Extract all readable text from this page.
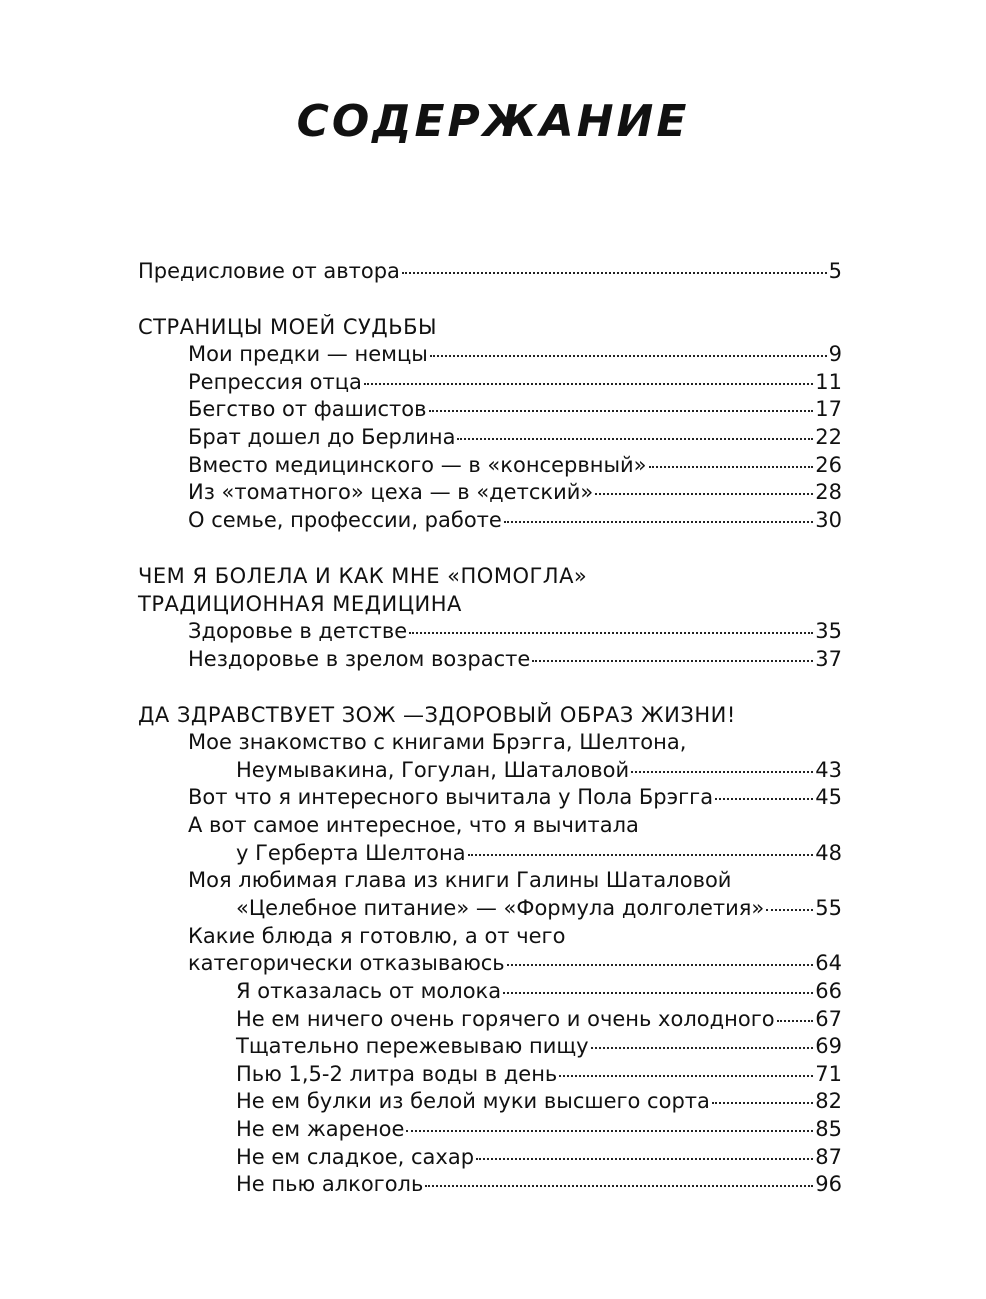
СОДЕРЖАНИЕ
Предисловие от автора	5
СТРАНИЦЫ МОЕЙ СУДЬБЫ
Мои предки — немцы	9
Репрессия отца	11
Бегство от фашистов	17
Брат дошел до Берлина	22
Вместо медицинского — в «консервный»	26
Из «томатного» цеха — в «детский»	28
О семье, профессии, работе	30
ЧЕМ Я БОЛЕЛА И КАК МНЕ «ПОМОГЛА»
ТРАДИЦИОННАЯ МЕДИЦИНА
Здоровье в детстве	35
Нездоровье в зрелом возрасте	37
ДА ЗДРАВСТВУЕТ ЗОЖ —ЗДОРОВЫЙ ОБРАЗ ЖИЗНИ!
Мое знакомство с книгами Брэгга, Шелтона,
Неумывакина, Гогулан, Шаталовой	43
Вот что я интересного вычитала у Пола Брэгга	45
А вот самое интересное, что я вычитала
у Герберта Шелтона	48
Моя любимая глава из книги Галины Шаталовой
«Целебное питание» — «Формула долголетия» 55
Какие блюда я готовлю, а от чего
категорически отказываюсь	64
Я отказалась от молока	66
Не ем ничего очень горячего и очень холодного 67
Тщательно пережевываю пищу	69
Пью 1,5-2 литра воды в день	71
Не ем булки из белой муки высшего сорта	82
Не ем жареное	85
Не ем сладкое, сахар	87
Не пью алкоголь	96
